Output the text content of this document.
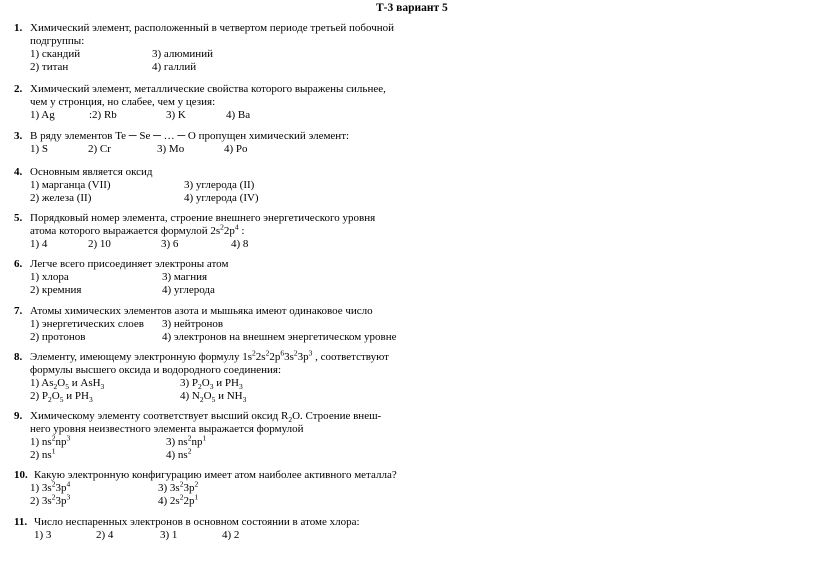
Т-3 вариант 5
1. Химический элемент, расположенный в четвертом периоде третьей побочной
подгруппы:
1) скандий	3) алюминий
2) титан	4) галлий
2. Химический элемент, металлические свойства которого выражены сильнее,
чем у стронция, но слабее, чем у цезия:
1) Ag	:2) Rb	3) K	4) Ba
3. В ряду элементов Te ─ Se ─ … ─ O пропущен химический элемент:
1) S	2) Cr	3) Mo	4) Po
4. Основным является оксид
1) марганца (VII)	3) углерода (II)
2) железа (II)	4) углерода (IV)
5. Порядковый номер элемента, строение внешнего энергетического уровня
атома которого выражается формулой $2s^22p^4$ :
1) 4	2) 10	3) 6	4) 8
6. Легче всего присоединяет электроны атом
1) хлора	3) магния
2) кремния	4) углерода
7. Атомы химических элементов азота и мышьяка имеют одинаковое число
1) энергетических слоев 3) нейтронов
2) протонов	4) электронов на внешнем энергетическом уровне
8. Элементу, имеющему электронную формулу $1s^22s^22p^63s^23p^3$ , соответствуют
формулы высшего оксида и водородного соединения:
1) $As_2O_5$ и AsH$_3$	3) $P_2O_3$ и $PH_3$
2) $P_2O_5$ и $PH_3$	4) $N_2O_5$ и $NH_3$
9. Химическому элементу соответствует высший оксид $R_2O$. Строение внеш-
него уровня неизвестного элемента выражается формулой
1) $ns^2np^3$	3) $ns^2np^1$
2) $ns^1$	4) $ns^2$
10. Какую электронную конфигурацию имеет атом наиболее активного металла?
1) $3s^23p^4$	3) $3s^23p^2$
2) $3s^23p^3$	4) $2s^22p^1$
11. Число неспаренных электронов в основном состоянии в атоме хлора:
1) 3	2) 4	3) 1	4) 2
